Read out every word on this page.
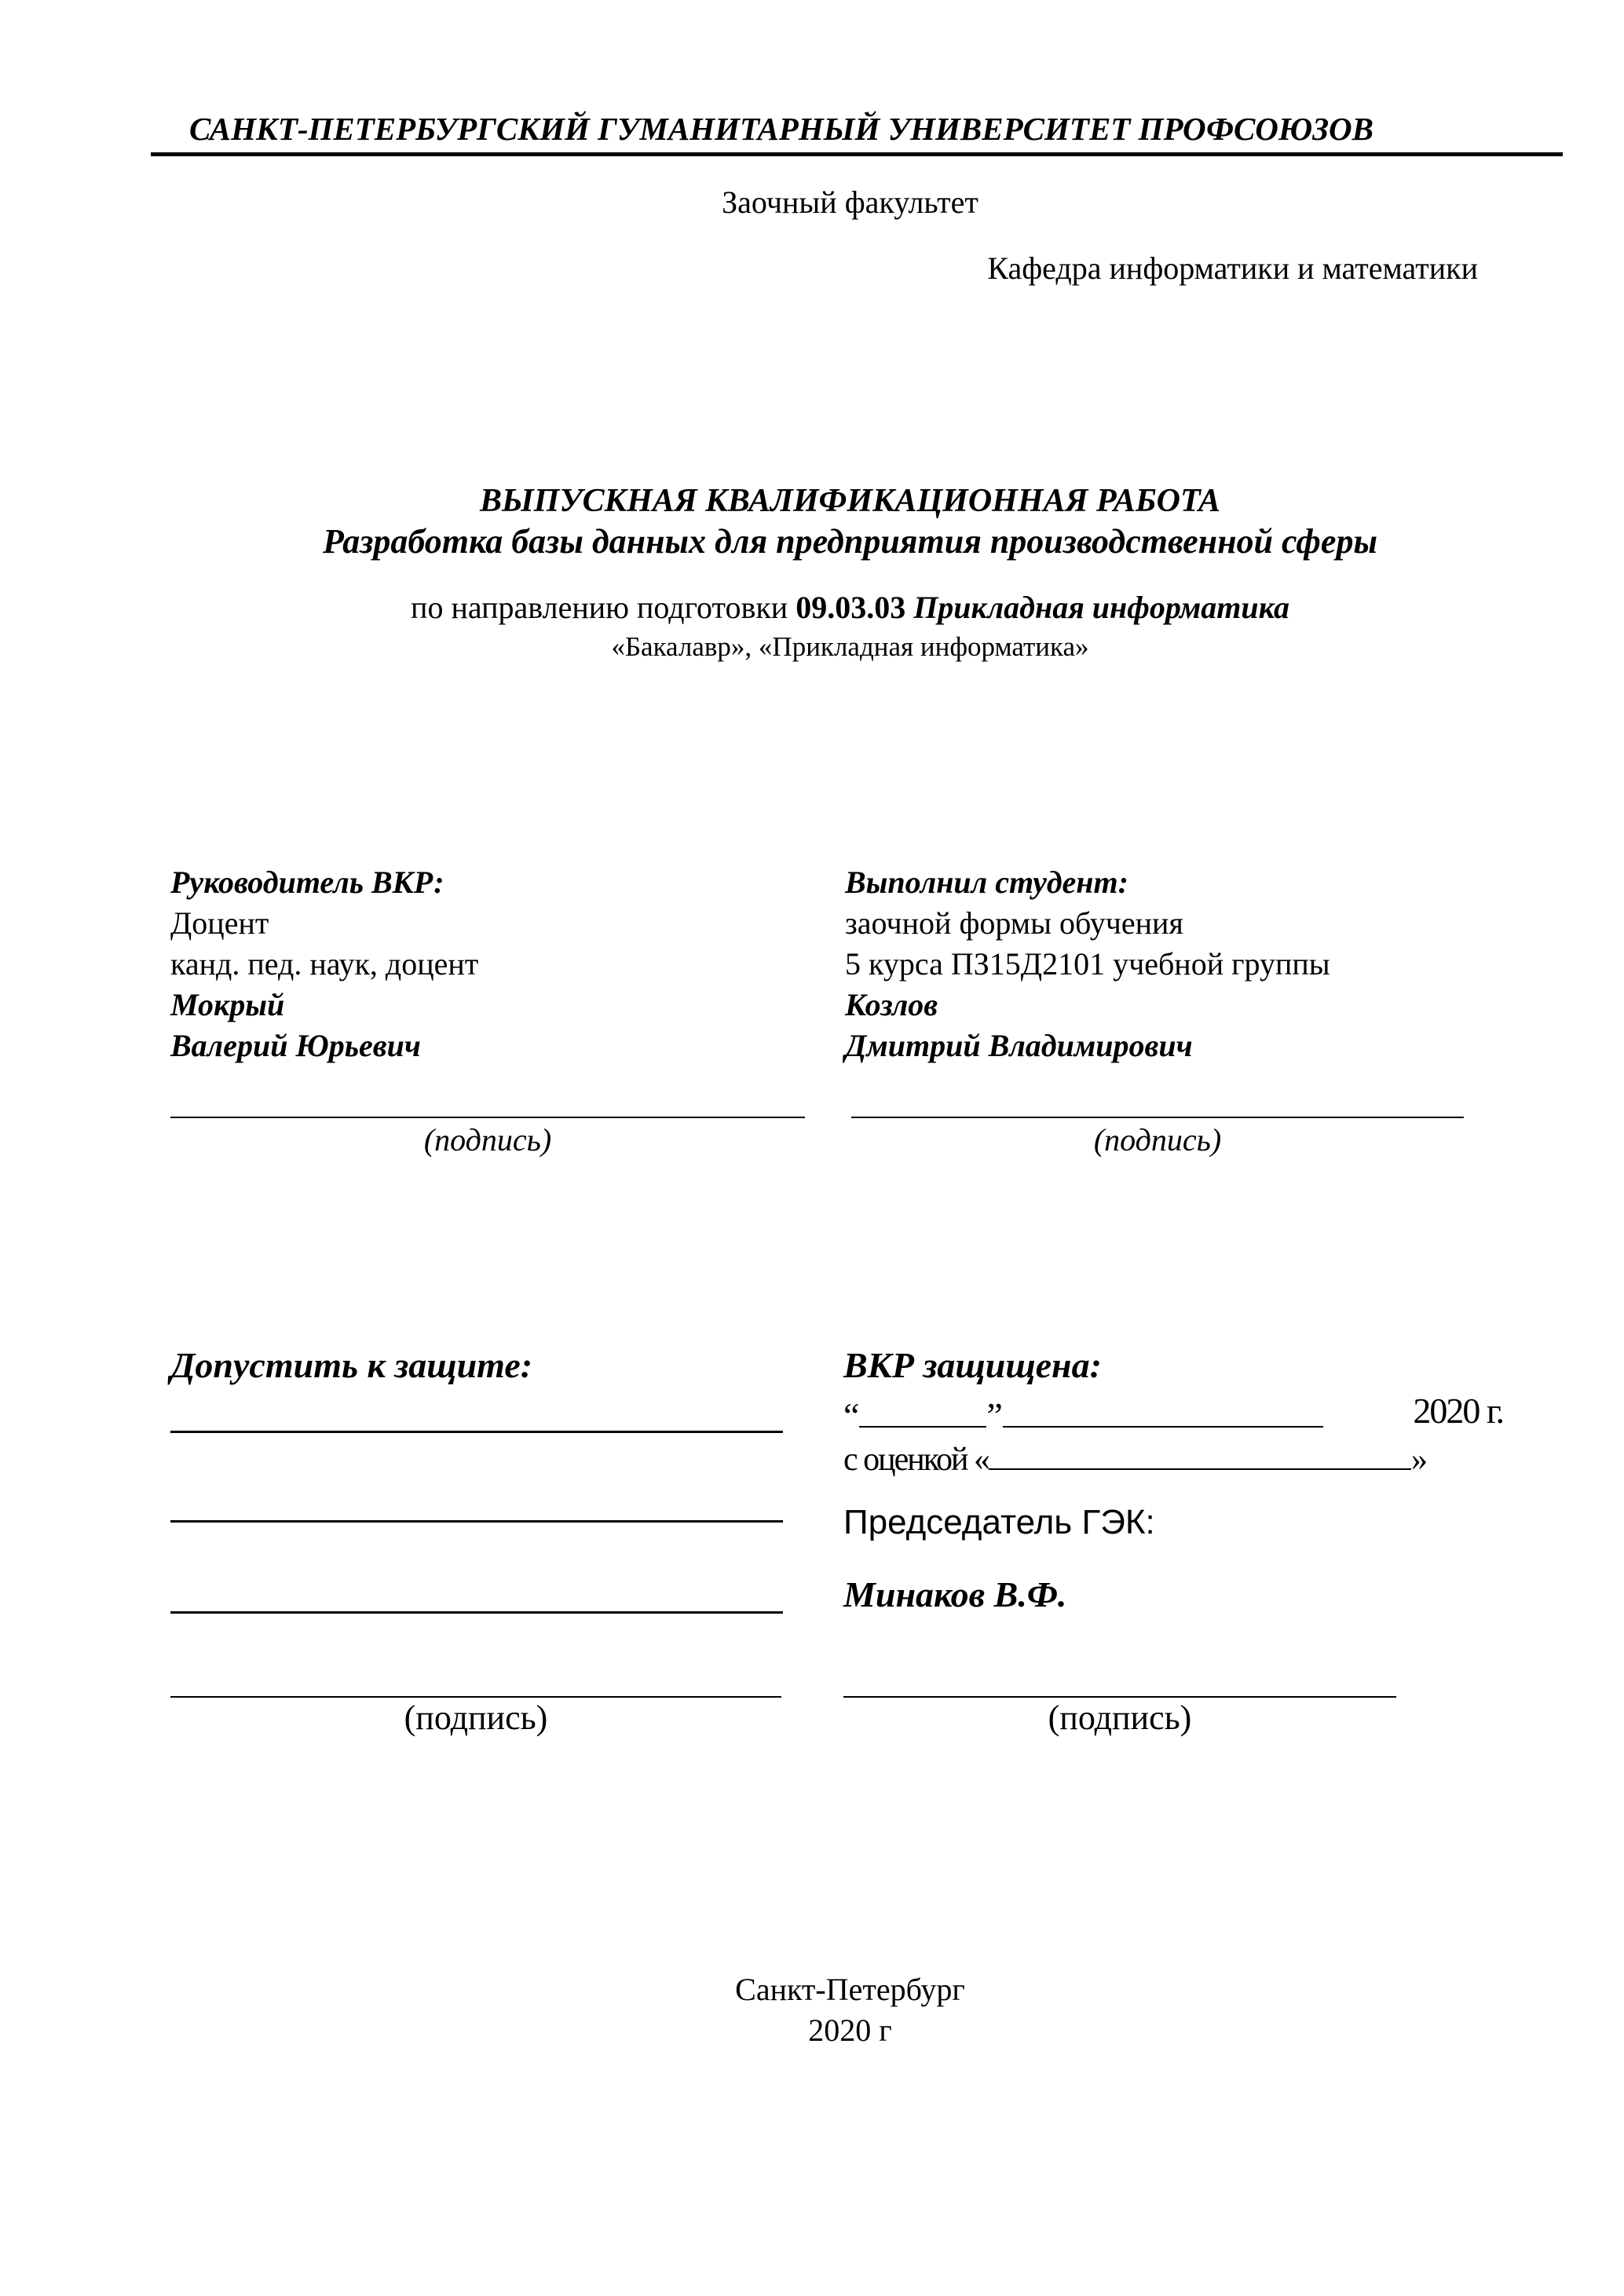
САНКТ-ПЕТЕРБУРГСКИЙ ГУМАНИТАРНЫЙ УНИВЕРСИТЕТ ПРОФСОЮЗОВ
Заочный факультет
Кафедра информатики и математики
ВЫПУСКНАЯ КВАЛИФИКАЦИОННАЯ РАБОТА
Разработка базы данных для предприятия производственной сферы
по направлению подготовки 09.03.03 Прикладная информатика
«Бакалавр», «Прикладная информатика»
Руководитель ВКР:
Доцент
канд. пед. наук, доцент
Мокрый
Валерий Юрьевич
(подпись)
Выполнил студент:
заочной формы обучения
5 курса ПЗ15Д2101 учебной группы
Козлов
Дмитрий Владимирович
(подпись)
Допустить к защите:
(подпись)
ВКР защищена:
“	”	2020 г.
с оценкой «	»
Председатель ГЭК:
Минаков В.Ф.
(подпись)
Санкт-Петербург
2020 г
